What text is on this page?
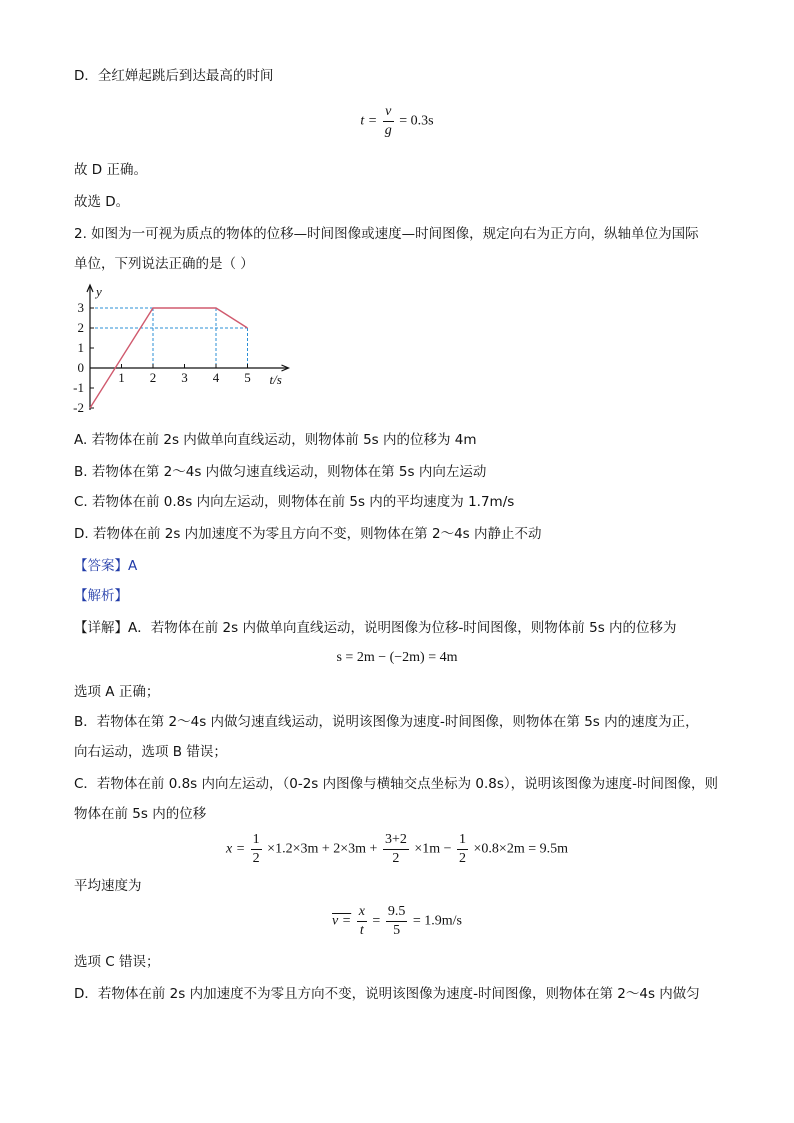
D．全红婵起跳后到达最高的时间
$t = \frac{v}{g} = 0.3s$
故 D 正确。
故选 D。
2. 如图为一可视为质点的物体的位移—时间图像或速度—时间图像，规定向右为正方向，纵轴单位为国际
单位，下列说法正确的是（ ）
3
2
1
0
-1
-2
1 2 3 4 5
y
t/s
A. 若物体在前 2s 内做单向直线运动，则物体前 5s 内的位移为 4m
B. 若物体在第 2～4s 内做匀速直线运动，则物体在第 5s 内向左运动
C. 若物体在前 0.8s 内向左运动，则物体在前 5s 内的平均速度为 1.7m/s
D. 若物体在前 2s 内加速度不为零且方向不变，则物体在第 2～4s 内静止不动
【答案】A
【解析】
【详解】A．若物体在前 2s 内做单向直线运动，说明图像为位移-时间图像，则物体前 5s 内的位移为
s = 2m − (−2m) = 4m
选项 A 正确；
B．若物体在第 2～4s 内做匀速直线运动，说明该图像为速度-时间图像，则物体在第 5s 内的速度为正，
向右运动，选项 B 错误；
C．若物体在前 0.8s 内向左运动，（0-2s 内图像与横轴交点坐标为 0.8s），说明该图像为速度-时间图像，则
物体在前 5s 内的位移
$x = \frac{1}{2} \times 1.2\times 3m + 2\times 3m + \frac{3+2}{2} \times 1m - \frac{1}{2} \times 0.8\times 2m = 9.5m$
平均速度为
$v = \frac{x}{t} = \frac{9.5}{5} = 1.9m/s$
选项 C 错误；
D．若物体在前 2s 内加速度不为零且方向不变，说明该图像为速度-时间图像，则物体在第 2～4s 内做匀
